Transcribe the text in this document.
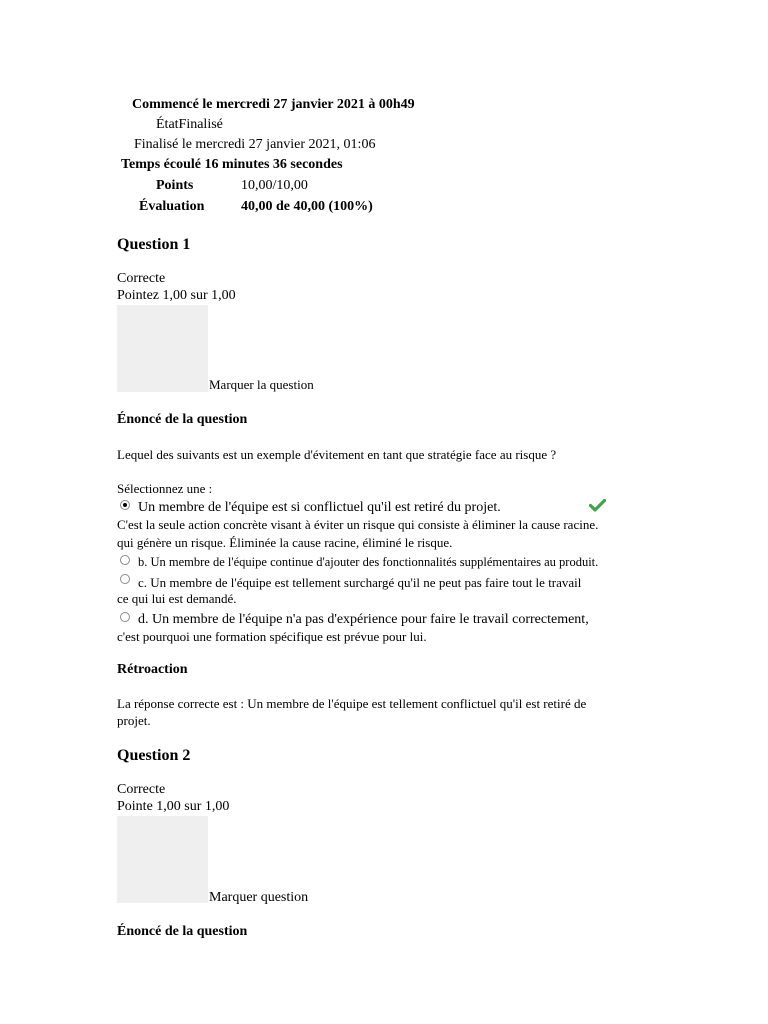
Commencé le mercredi 27 janvier 2021 à 00h49
ÉtatFinalisé
Finalisé le mercredi 27 janvier 2021, 01:06
Temps écoulé 16 minutes 36 secondes
Points	10,00/10,00
Évaluation	40,00 de 40,00 (100%)
Question 1
Correcte
Pointez 1,00 sur 1,00
Marquer la question
Énoncé de la question
Lequel des suivants est un exemple d'évitement en tant que stratégie face au risque ?
Sélectionnez une :
Un membre de l'équipe est si conflictuel qu'il est retiré du projet.
C'est la seule action concrète visant à éviter un risque qui consiste à éliminer la cause racine.
qui génère un risque. Éliminée la cause racine, éliminé le risque.
b. Un membre de l'équipe continue d'ajouter des fonctionnalités supplémentaires au produit.
c. Un membre de l'équipe est tellement surchargé qu'il ne peut pas faire tout le travail
ce qui lui est demandé.
d. Un membre de l'équipe n'a pas d'expérience pour faire le travail correctement,
c'est pourquoi une formation spécifique est prévue pour lui.
Rétroaction
La réponse correcte est : Un membre de l'équipe est tellement conflictuel qu'il est retiré de
projet.
Question 2
Correcte
Pointe 1,00 sur 1,00
Marquer question
Énoncé de la question
